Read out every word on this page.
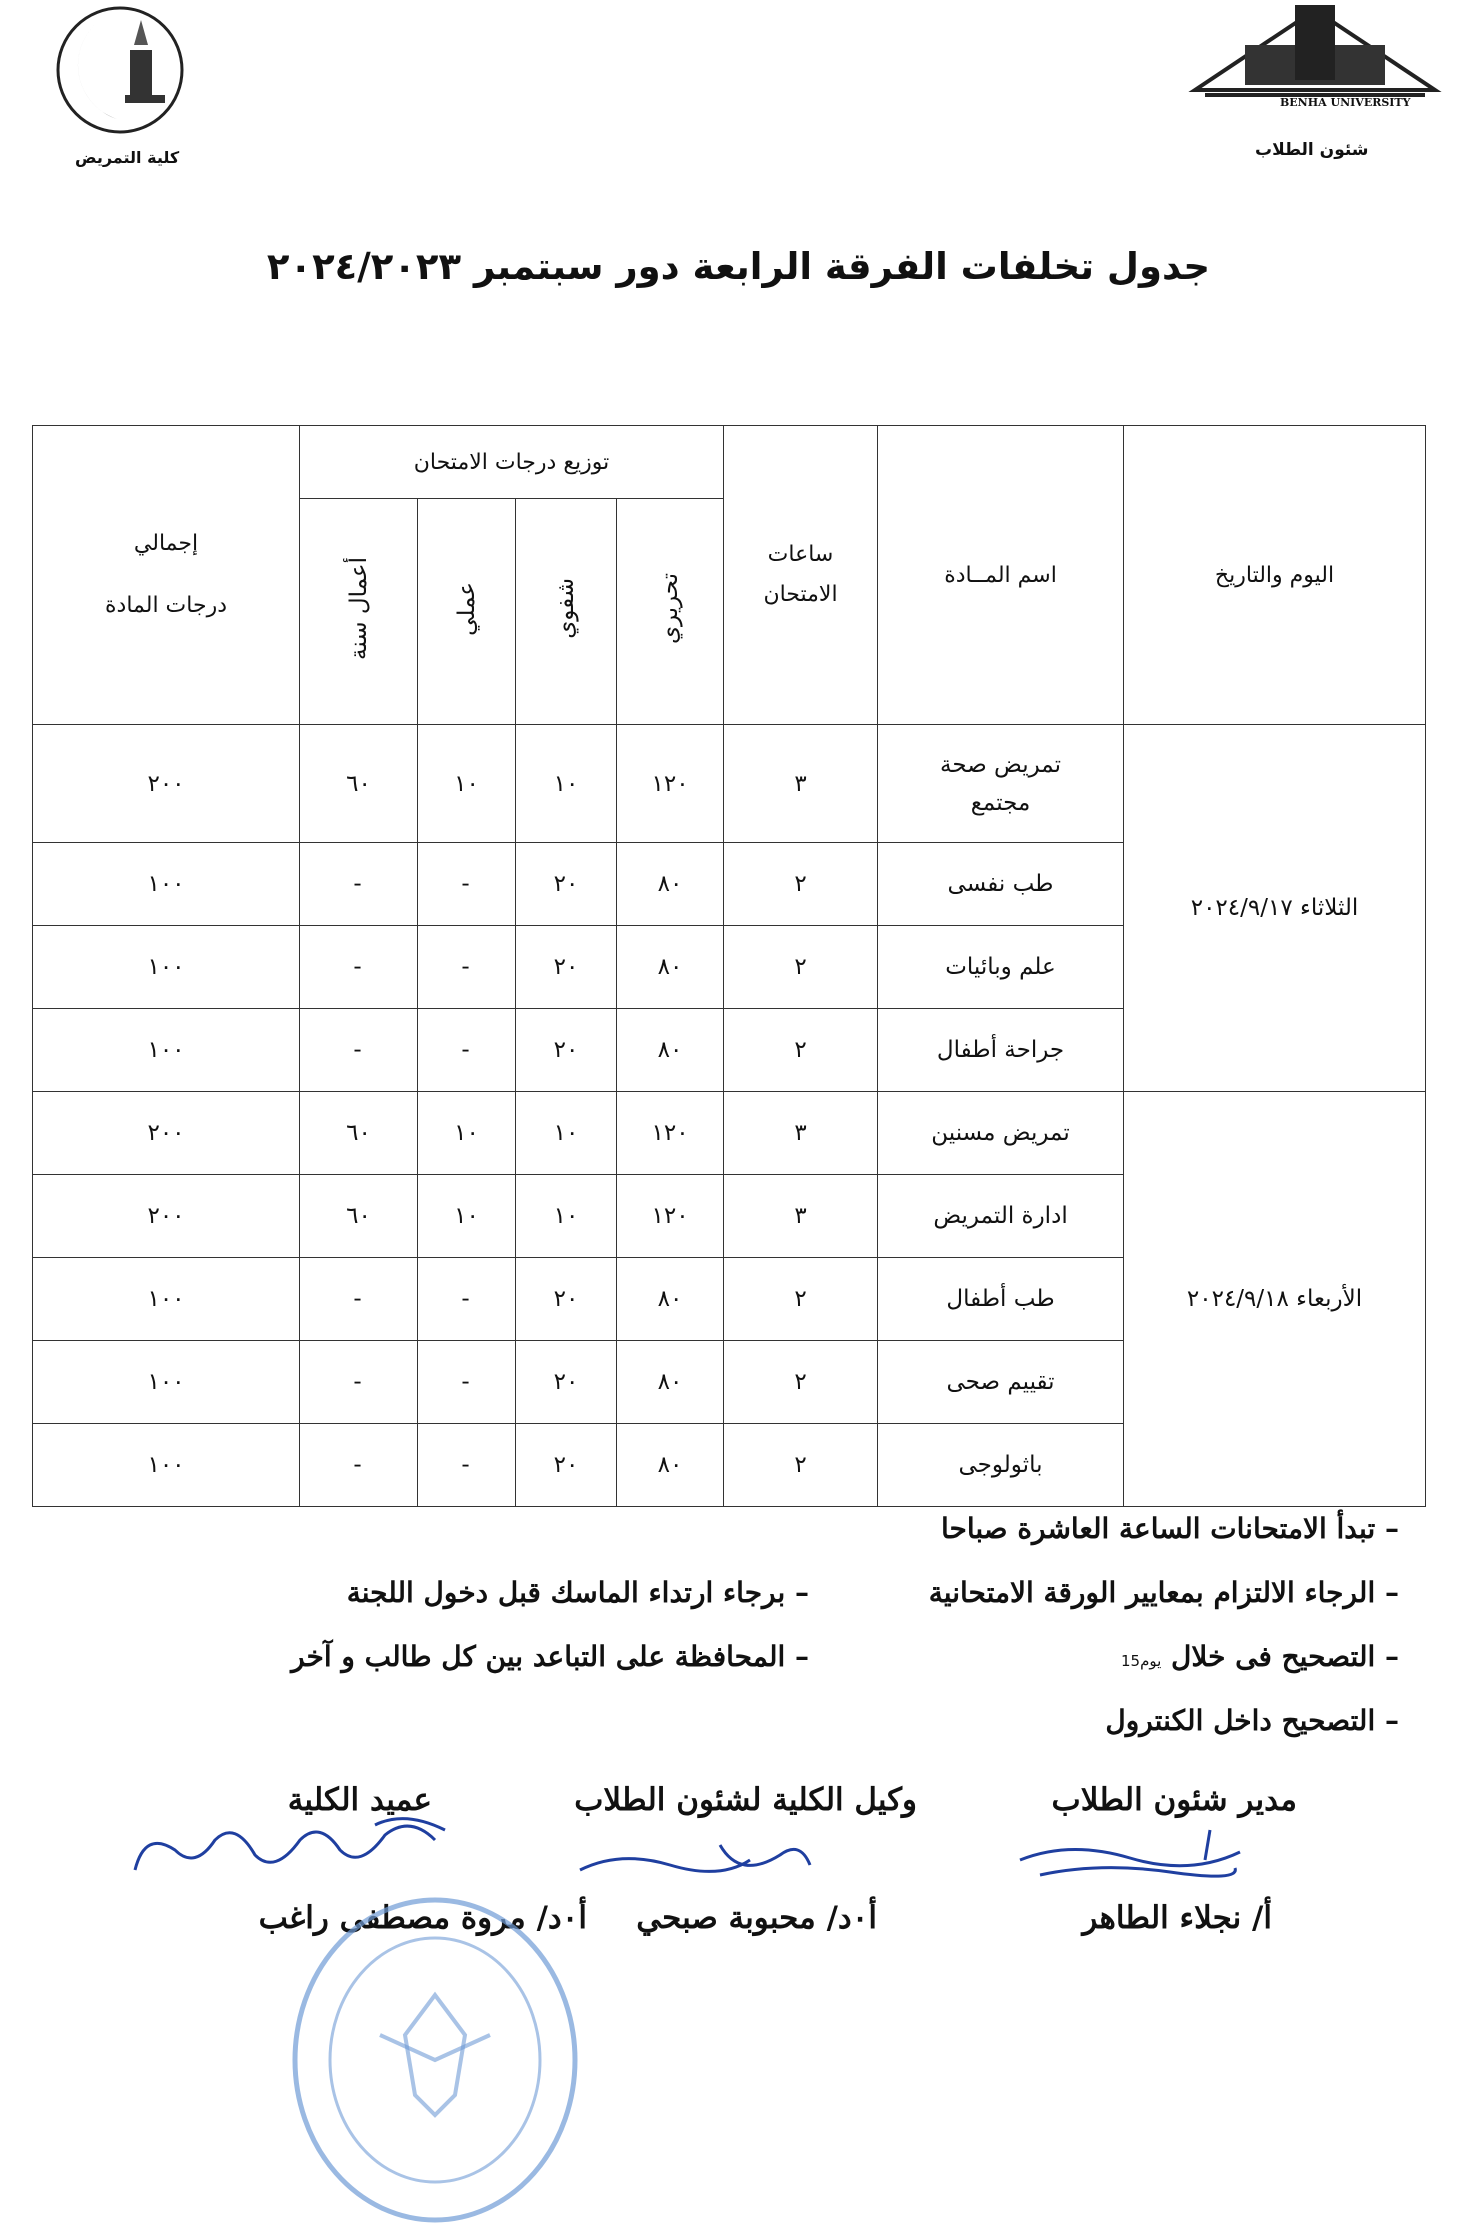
كلية التمريض
BENHA UNIVERSITY
شئون الطلاب
جدول تخلفات الفرقة الرابعة دور سبتمبر ٢٠٢٤/٢٠٢٣
اليوم والتاريخ	اسم المــادة	ساعات الامتحان	توزيع درجات الامتحان				إجمالي
درجات المادة

			تحريري	شفوي	عملي	أعمال سنة	
الثلاثاء ٢٠٢٤/٩/١٧	تمريض صحة مجتمع	٣	١٢٠	١٠	١٠	٦٠	٢٠٠
	طب نفسى	٢	٨٠	٢٠	-	-	١٠٠
	علم وبائيات	٢	٨٠	٢٠	-	-	١٠٠
	جراحة أطفال	٢	٨٠	٢٠	-	-	١٠٠
الأربعاء ٢٠٢٤/٩/١٨	تمريض مسنين	٣	١٢٠	١٠	١٠	٦٠	٢٠٠
	ادارة التمريض	٣	١٢٠	١٠	١٠	٦٠	٢٠٠
	طب أطفال	٢	٨٠	٢٠	-	-	١٠٠
	تقييم صحى	٢	٨٠	٢٠	-	-	١٠٠
	باثولوجى	٢	٨٠	٢٠	-	-	١٠٠
– تبدأ الامتحانات الساعة العاشرة صباحا
– الرجاء الالتزام بمعايير الورقة الامتحانية
– برجاء ارتداء الماسك قبل دخول اللجنة
– التصحيح فى خلال يوم15
– المحافظة على التباعد بين كل طالب و آخر
– التصحيح داخل الكنترول
مدير شئون الطلاب
وكيل الكلية لشئون الطلاب
عميد الكلية
أ/ نجلاء الطاهر
أ٠د/ محبوبة صبحي
أ٠د/ مروة مصطفى راغب
